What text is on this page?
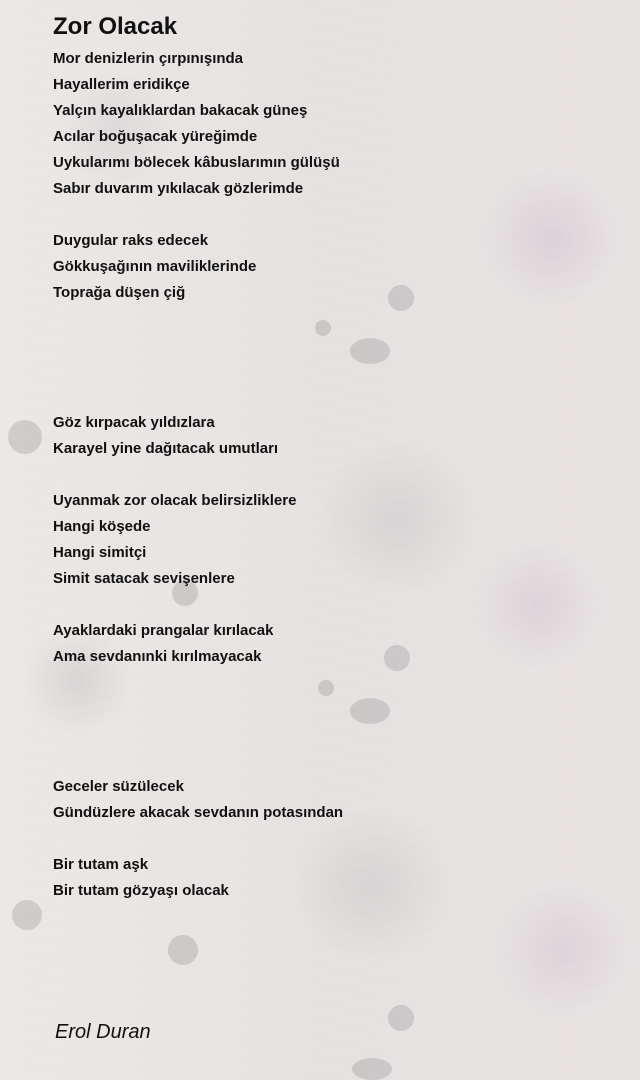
Zor Olacak
Mor denizlerin çırpınışında
Hayallerim eridikçe
Yalçın kayalıklardan bakacak güneş
Acılar boğuşacak yüreğimde
Uykularımı bölecek kâbuslarımın gülüşü
Sabır duvarım yıkılacak gözlerimde
Duygular raks edecek
Gökkuşağının maviliklerinde
Toprağa düşen çiğ
Göz kırpacak yıldızlara
Karayel yine dağıtacak umutları
Uyanmak zor olacak belirsizliklere
Hangi köşede
Hangi simitçi
Simit satacak sevişenlere
Ayaklardaki prangalar kırılacak
Ama sevdanınki kırılmayacak
Geceler süzülecek
Gündüzlere akacak sevdanın potasından
Bir tutam aşk
Bir tutam gözyaşı olacak
Erol Duran
